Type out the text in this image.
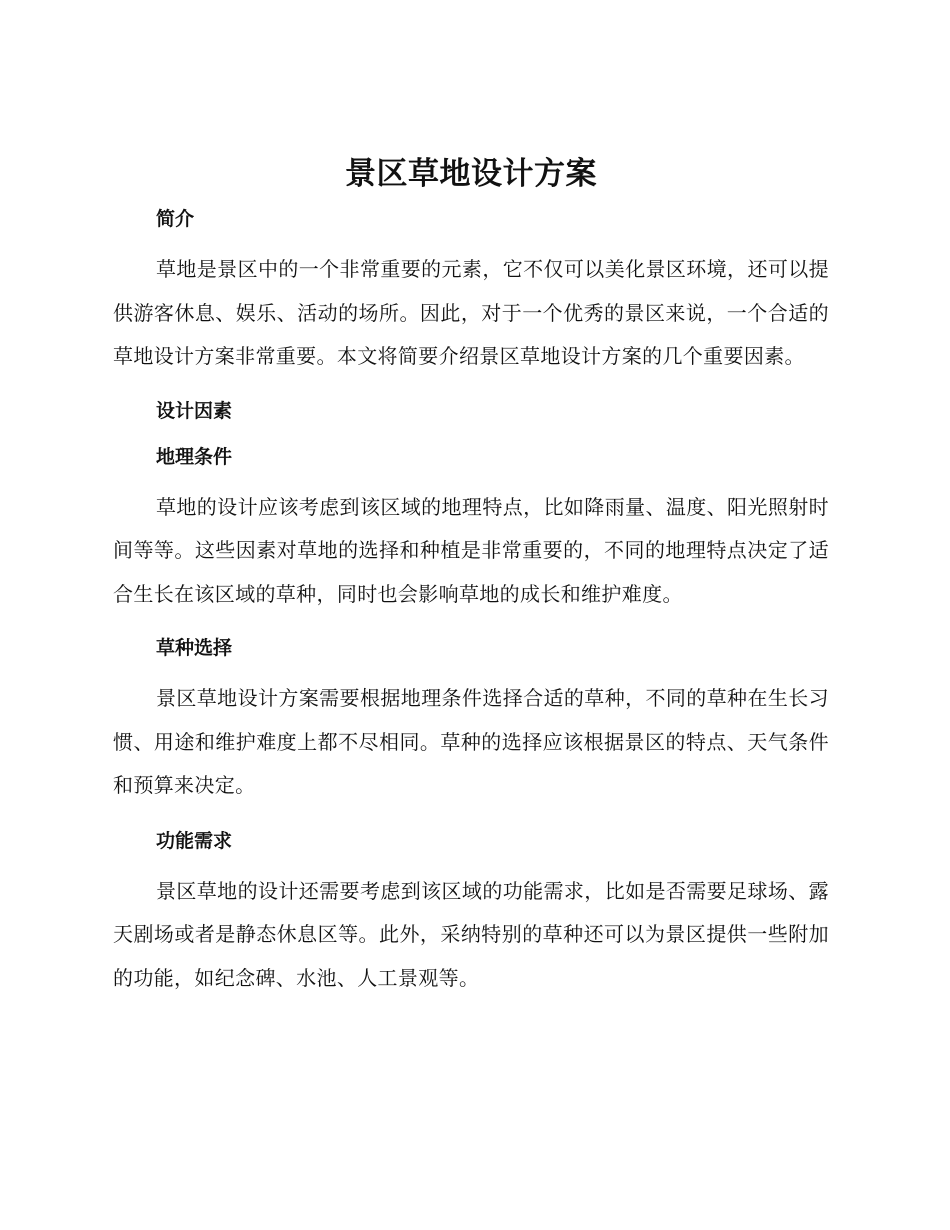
景区草地设计方案
简介

草地是景区中的一个非常重要的元素，它不仅可以美化景区环境，还可以提供游客休息、娱乐、活动的场所。因此，对于一个优秀的景区来说，一个合适的草地设计方案非常重要。本文将简要介绍景区草地设计方案的几个重要因素。

设计因素
地理条件

草地的设计应该考虑到该区域的地理特点，比如降雨量、温度、阳光照射时间等等。这些因素对草地的选择和种植是非常重要的，不同的地理特点决定了适合生长在该区域的草种，同时也会影响草地的成长和维护难度。

草种选择

景区草地设计方案需要根据地理条件选择合适的草种，不同的草种在生长习惯、用途和维护难度上都不尽相同。草种的选择应该根据景区的特点、天气条件和预算来决定。

功能需求

景区草地的设计还需要考虑到该区域的功能需求，比如是否需要足球场、露天剧场或者是静态休息区等。此外，采纳特别的草种还可以为景区提供一些附加的功能，如纪念碑、水池、人工景观等。
